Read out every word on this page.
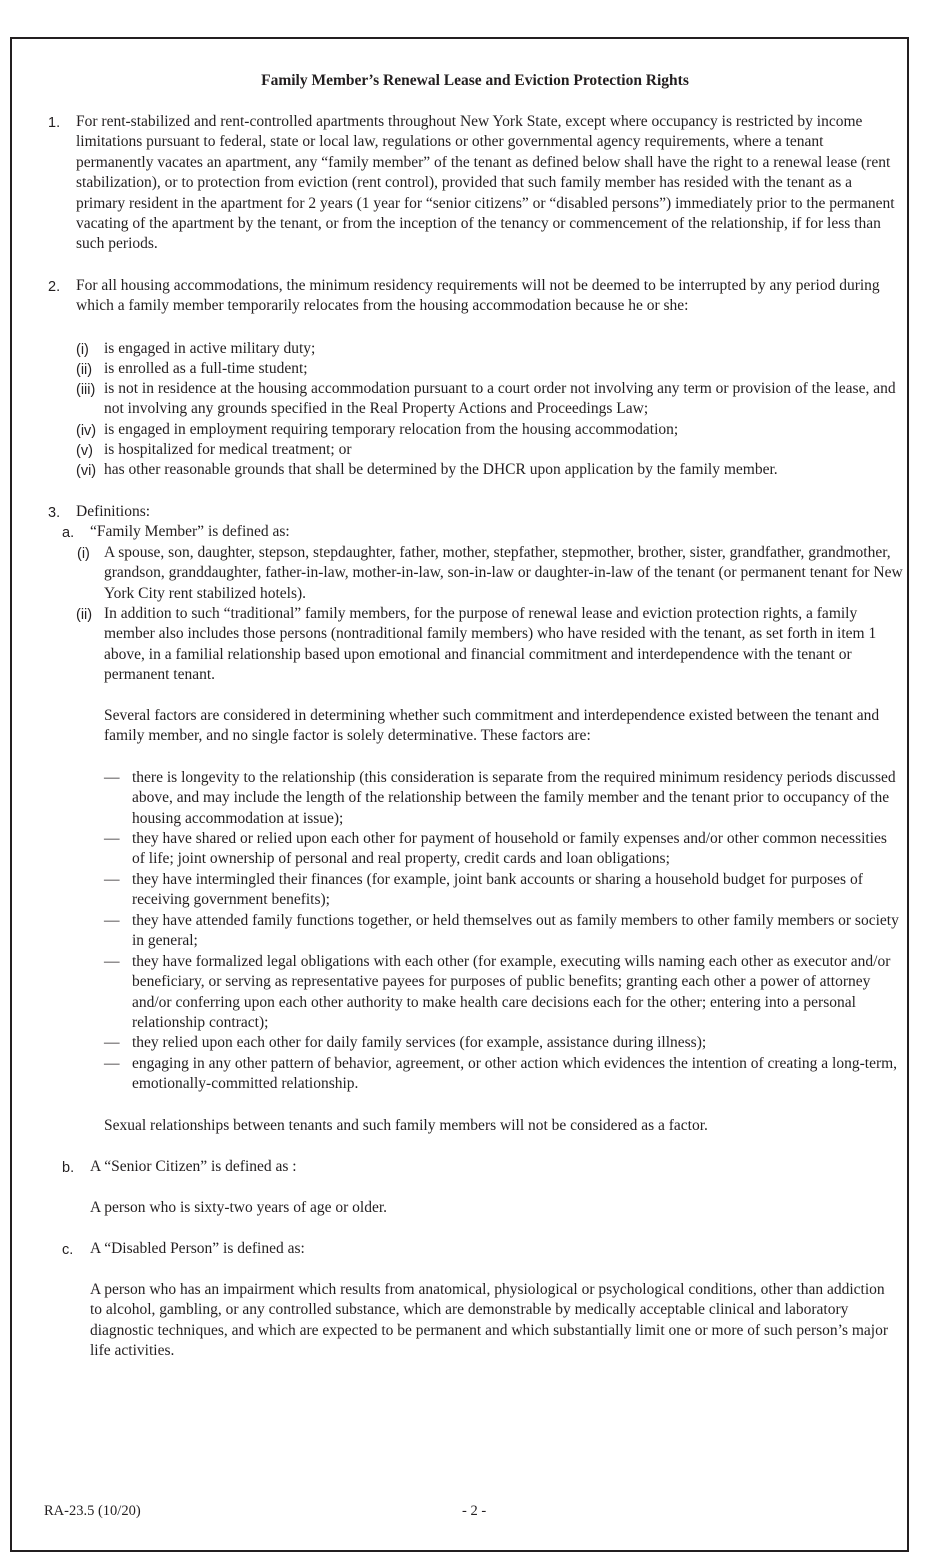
Family Member’s Renewal Lease and Eviction Protection Rights
1. For rent-stabilized and rent-controlled apartments throughout New York State, except where occupancy is restricted by income limitations pursuant to federal, state or local law, regulations or other governmental agency requirements, where a tenant permanently vacates an apartment, any “family member” of the tenant as defined below shall have the right to a renewal lease (rent stabilization), or to protection from eviction (rent control), provided that such family member has resided with the tenant as a primary resident in the apartment for 2 years (1 year for “senior citizens” or “disabled persons”) immediately prior to the permanent vacating of the apartment by the tenant, or from the inception of the tenancy or commencement of the relationship, if for less than such periods.
2. For all housing accommodations, the minimum residency requirements will not be deemed to be interrupted by any period during which a family member temporarily relocates from the housing accommodation because he or she:
(i) is engaged in active military duty;
(ii) is enrolled as a full-time student;
(iii) is not in residence at the housing accommodation pursuant to a court order not involving any term or provision of the lease, and not involving any grounds specified in the Real Property Actions and Proceedings Law;
(iv) is engaged in employment requiring temporary relocation from the housing accommodation;
(v) is hospitalized for medical treatment; or
(vi) has other reasonable grounds that shall be determined by the DHCR upon application by the family member.
3. Definitions:
a. “Family Member” is defined as:
(i) A spouse, son, daughter, stepson, stepdaughter, father, mother, stepfather, stepmother, brother, sister, grandfather, grandmother, grandson, granddaughter, father-in-law, mother-in-law, son-in-law or daughter-in-law of the tenant (or permanent tenant for New York City rent stabilized hotels).
(ii) In addition to such “traditional” family members, for the purpose of renewal lease and eviction protection rights, a family member also includes those persons (nontraditional family members) who have resided with the tenant, as set forth in item 1 above, in a familial relationship based upon emotional and financial commitment and interdependence with the tenant or permanent tenant.
Several factors are considered in determining whether such commitment and interdependence existed between the tenant and family member, and no single factor is solely determinative. These factors are:
— there is longevity to the relationship (this consideration is separate from the required minimum residency periods discussed above, and may include the length of the relationship between the family member and the tenant prior to occupancy of the housing accommodation at issue);
— they have shared or relied upon each other for payment of household or family expenses and/or other common necessities of life; joint ownership of personal and real property, credit cards and loan obligations;
— they have intermingled their finances (for example, joint bank accounts or sharing a household budget for purposes of receiving government benefits);
— they have attended family functions together, or held themselves out as family members to other family members or society in general;
— they have formalized legal obligations with each other (for example, executing wills naming each other as executor and/or beneficiary, or serving as representative payees for purposes of public benefits; granting each other a power of attorney and/or conferring upon each other authority to make health care decisions each for the other; entering into a personal relationship contract);
— they relied upon each other for daily family services (for example, assistance during illness);
— engaging in any other pattern of behavior, agreement, or other action which evidences the intention of creating a long-term, emotionally-committed relationship.
Sexual relationships between tenants and such family members will not be considered as a factor.
b. A “Senior Citizen” is defined as :
A person who is sixty-two years of age or older.
c. A “Disabled Person” is defined as:
A person who has an impairment which results from anatomical, physiological or psychological conditions, other than addiction to alcohol, gambling, or any controlled substance, which are demonstrable by medically acceptable clinical and laboratory diagnostic techniques, and which are expected to be permanent and which substantially limit one or more of such person’s major life activities.
RA-23.5 (10/20)	- 2 -
